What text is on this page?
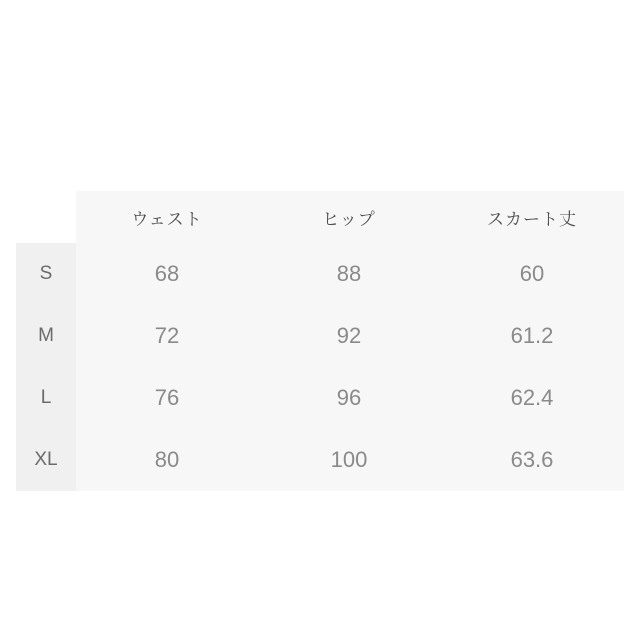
	ウェスト	ヒップ	スカート丈
S	68	88	60
M	72	92	61.2
L	76	96	62.4
XL	80	100	63.6
